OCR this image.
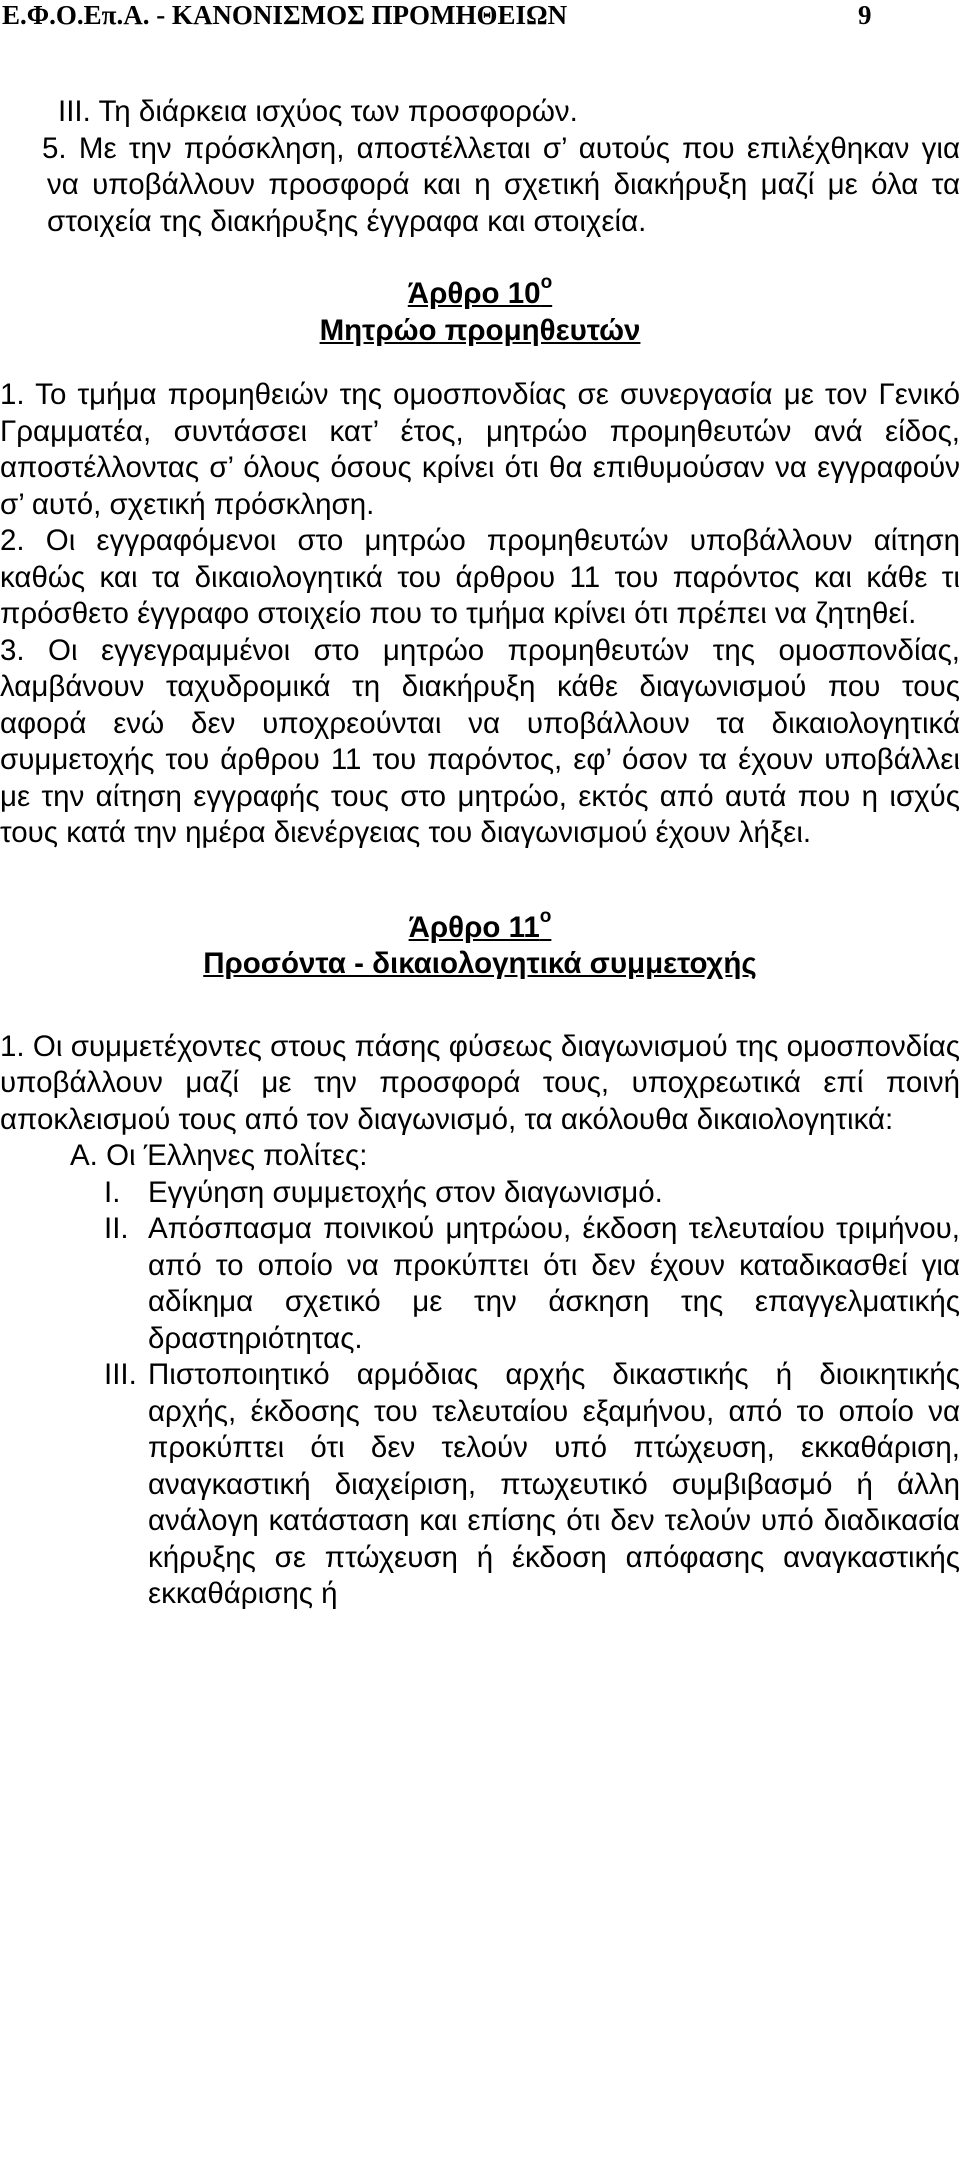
Ε.Φ.Ο.Επ.Α. - ΚΑΝΟΝΙΣΜΟΣ ΠΡΟΜΗΘΕΙΩΝ	9

ΙΙΙ. Τη διάρκεια ισχύος των προσφορών.

5. Με την πρόσκληση, αποστέλλεται σ’ αυτούς που επιλέχθηκαν για να υποβάλλουν προσφορά και η σχετική διακήρυξη μαζί με όλα τα στοιχεία της διακήρυξης έγγραφα και στοιχεία.

Άρθρο $10^o$

Μητρώο προμηθευτών

1. Το τμήμα προμηθειών της ομοσπονδίας σε συνεργασία με τον Γενικό Γραμματέα, συντάσσει κατ’ έτος, μητρώο προμηθευτών ανά είδος, αποστέλλοντας σ’ όλους όσους κρίνει ότι θα επιθυμούσαν να εγγραφούν σ’ αυτό, σχετική πρόσκληση.

2. Οι εγγραφόμενοι στο μητρώο προμηθευτών υποβάλλουν αίτηση καθώς και τα δικαιολογητικά του άρθρου 11 του παρόντος και κάθε τι πρόσθετο έγγραφο στοιχείο που το τμήμα κρίνει ότι πρέπει να ζητηθεί.

3. Οι εγγεγραμμένοι στο μητρώο προμηθευτών της ομοσπονδίας, λαμβάνουν ταχυδρομικά τη διακήρυξη κάθε διαγωνισμού που τους αφορά ενώ δεν υποχρεούνται να υποβάλλουν τα δικαιολογητικά συμμετοχής του άρθρου 11 του παρόντος, εφ’ όσον τα έχουν υποβάλλει με την αίτηση εγγραφής τους στο μητρώο, εκτός από αυτά που η ισχύς τους κατά την ημέρα διενέργειας του διαγωνισμού έχουν λήξει.

Άρθρο $11^o$

Προσόντα - δικαιολογητικά συμμετοχής

1. Οι συμμετέχοντες στους πάσης φύσεως διαγωνισμού της ομοσπονδίας υποβάλλουν μαζί με την προσφορά τους, υποχρεωτικά επί ποινή αποκλεισμού τους από τον διαγωνισμό, τα ακόλουθα δικαιολογητικά:

Α. Οι Έλληνες πολίτες:

Ι. Εγγύηση συμμετοχής στον διαγωνισμό.
ΙΙ. Απόσπασμα ποινικού μητρώου, έκδοση τελευταίου τριμήνου, από το οποίο να προκύπτει ότι δεν έχουν καταδικασθεί για αδίκημα σχετικό με την άσκηση της επαγγελματικής δραστηριότητας.
ΙΙΙ. Πιστοποιητικό αρμόδιας αρχής δικαστικής ή διοικητικής αρχής, έκδοσης του τελευταίου εξαμήνου, από το οποίο να προκύπτει ότι δεν τελούν υπό πτώχευση, εκκαθάριση, αναγκαστική διαχείριση, πτωχευτικό συμβιβασμό ή άλλη ανάλογη κατάσταση και επίσης ότι δεν τελούν υπό διαδικασία κήρυξης σε πτώχευση ή έκδοση απόφασης αναγκαστικής εκκαθάρισης ή
